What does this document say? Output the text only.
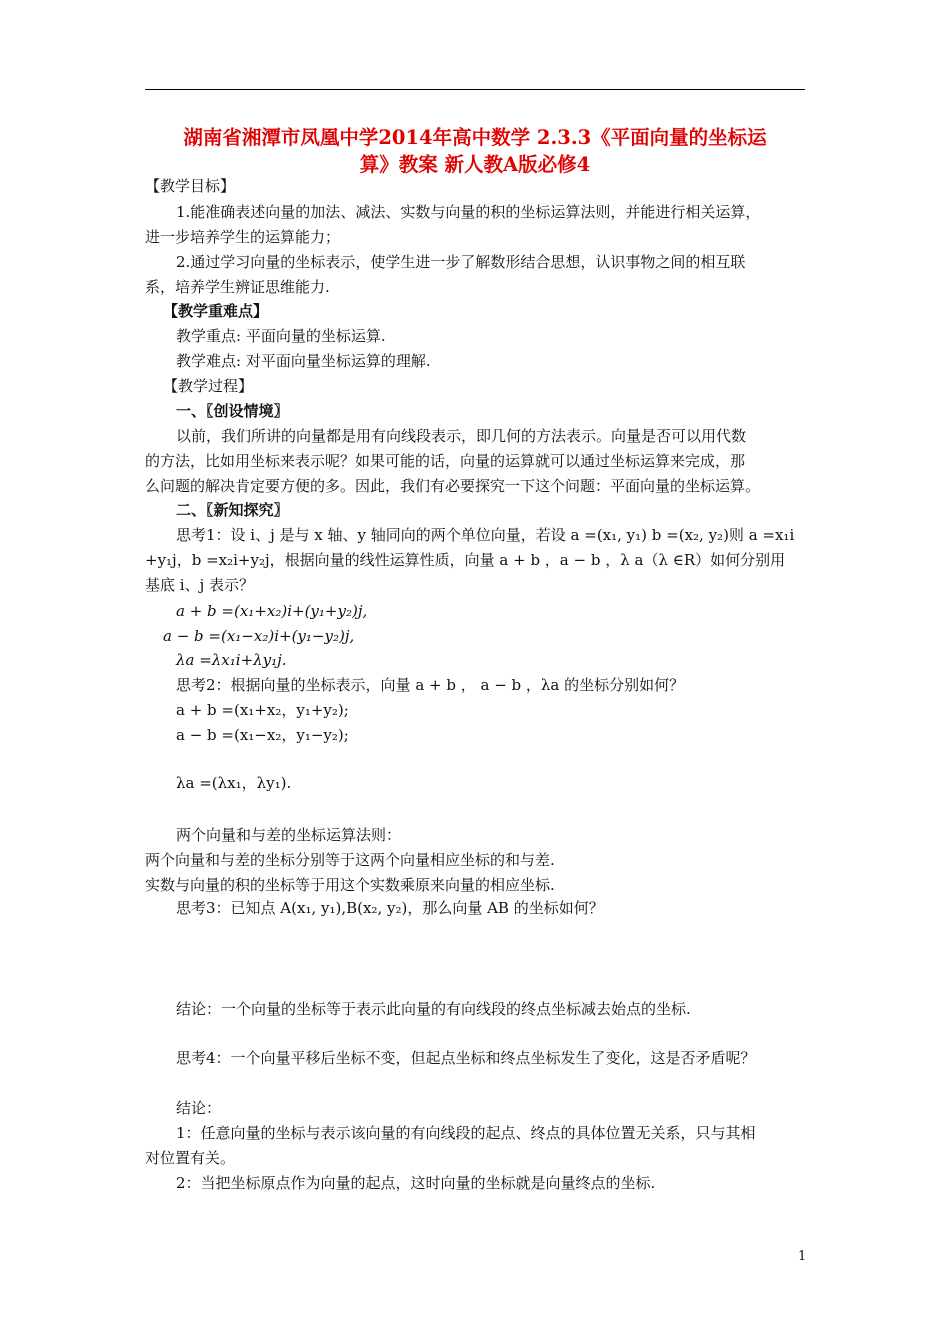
湖南省湘潭市凤凰中学2014年高中数学 2.3.3《平面向量的坐标运
算》教案 新人教A版必修4
【教学目标】
1.能准确表述向量的加法、减法、实数与向量的积的坐标运算法则，并能进行相关运算，
进一步培养学生的运算能力；
2.通过学习向量的坐标表示，使学生进一步了解数形结合思想，认识事物之间的相互联
系，培养学生辨证思维能力.
【教学重难点】
教学重点: 平面向量的坐标运算.
教学难点: 对平面向量坐标运算的理解.
【教学过程】
一、〖创设情境〗
以前，我们所讲的向量都是用有向线段表示，即几何的方法表示。向量是否可以用代数
的方法，比如用坐标来表示呢？如果可能的话，向量的运算就可以通过坐标运算来完成，那
么问题的解决肯定要方便的多。因此，我们有必要探究一下这个问题：平面向量的坐标运算。
二、〖新知探究〗
思考1：设 i、j 是与 x 轴、y 轴同向的两个单位向量，若设 a =(x₁, y₁) b =(x₂, y₂)则 a =x₁i
+y₁j，b =x₂i+y₂j，根据向量的线性运算性质，向量 a + b ，a − b ，λ a（λ ∈R）如何分别用
基底 i、j 表示？
a + b =(x₁+x₂)i+(y₁+y₂)j,
a − b =(x₁−x₂)i+(y₁−y₂)j,
λa =λx₁i+λy₁j.
思考2：根据向量的坐标表示，向量 a + b ， a − b ，λa 的坐标分别如何？
a + b =(x₁+x₂，y₁+y₂);
a − b =(x₁−x₂，y₁−y₂);
λa =(λx₁，λy₁).
两个向量和与差的坐标运算法则：
两个向量和与差的坐标分别等于这两个向量相应坐标的和与差.
实数与向量的积的坐标等于用这个实数乘原来向量的相应坐标.
思考3：已知点 A(x₁, y₁),B(x₂, y₂)，那么向量 AB 的坐标如何？
结论：一个向量的坐标等于表示此向量的有向线段的终点坐标减去始点的坐标.
思考4：一个向量平移后坐标不变，但起点坐标和终点坐标发生了变化，这是否矛盾呢？
结论：
1：任意向量的坐标与表示该向量的有向线段的起点、终点的具体位置无关系，只与其相
对位置有关。
2：当把坐标原点作为向量的起点，这时向量的坐标就是向量终点的坐标.
1
